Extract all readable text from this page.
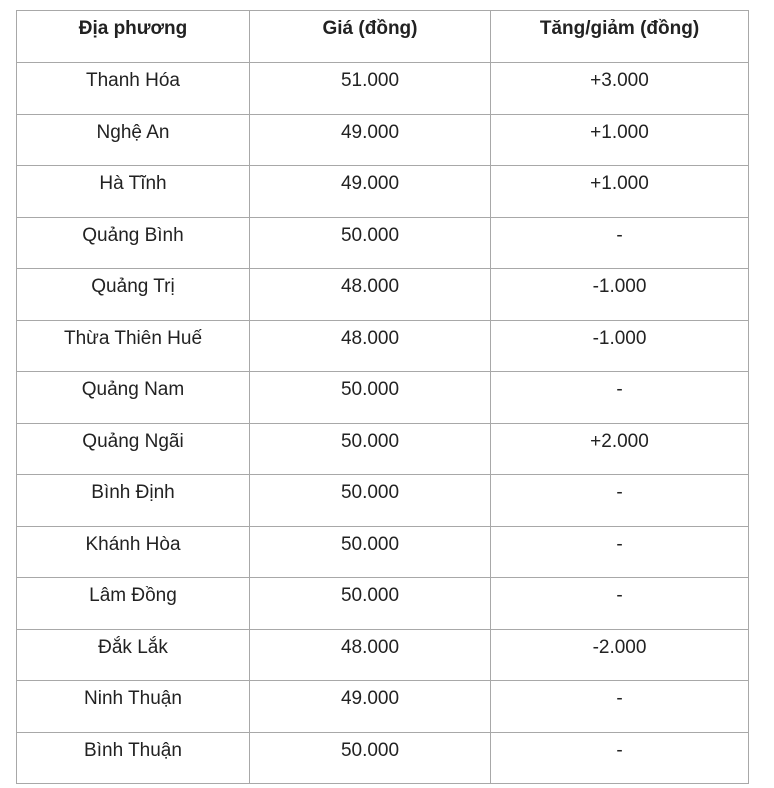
Địa phương	Giá (đồng)	Tăng/giảm (đồng)
Thanh Hóa	51.000	+3.000
Nghệ An	49.000	+1.000
Hà Tĩnh	49.000	+1.000
Quảng Bình	50.000	-
Quảng Trị	48.000	-1.000
Thừa Thiên Huế	48.000	-1.000
Quảng Nam	50.000	-
Quảng Ngãi	50.000	+2.000
Bình Định	50.000	-
Khánh Hòa	50.000	-
Lâm Đồng	50.000	-
Đắk Lắk	48.000	-2.000
Ninh Thuận	49.000	-
Bình Thuận	50.000	-
